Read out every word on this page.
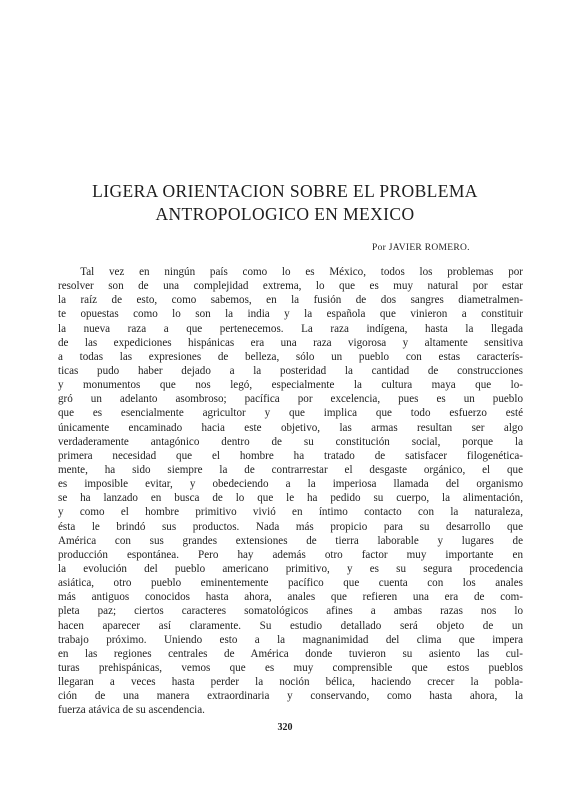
LIGERA ORIENTACION SOBRE EL PROBLEMA
ANTROPOLOGICO EN MEXICO
Por JAVIER ROMERO.
  Tal vez en ningún país como lo es México, todos los problemas por
resolver son de una complejidad extrema, lo que es muy natural por estar
la raíz de esto, como sabemos, en la fusión de dos sangres diametralmen-
te opuestas como lo son la india y la española que vinieron a constituir
la nueva raza a que pertenecemos. La raza indígena, hasta la llegada
de las expediciones hispánicas era una raza vigorosa y altamente sensitiva
a todas las expresiones de belleza, sólo un pueblo con estas caracterís-
ticas pudo haber dejado a la posteridad la cantidad de construcciones
y monumentos que nos legó, especialmente la cultura maya que lo-
gró un adelanto asombroso; pacífica por excelencia, pues es un pueblo
que es esencialmente agricultor y que implica que todo esfuerzo esté
únicamente encaminado hacia este objetivo, las armas resultan ser algo
verdaderamente antagónico dentro de su constitución social, porque la
primera necesidad que el hombre ha tratado de satisfacer filogenética-
mente, ha sido siempre la de contrarrestar el desgaste orgánico, el que
es imposible evitar, y obedeciendo a la imperiosa llamada del organismo
se ha lanzado en busca de lo que le ha pedido su cuerpo, la alimentación,
y como el hombre primitivo vivió en íntimo contacto con la naturaleza,
ésta le brindó sus productos. Nada más propicio para su desarrollo que
América con sus grandes extensiones de tierra laborable y lugares de
producción espontánea. Pero hay además otro factor muy importante en
la evolución del pueblo americano primitivo, y es su segura procedencia
asiática, otro pueblo eminentemente pacífico que cuenta con los anales
más antiguos conocidos hasta ahora, anales que refieren una era de com-
pleta paz; ciertos caracteres somatológicos afines a ambas razas nos lo
hacen aparecer así claramente. Su estudio detallado será objeto de un
trabajo próximo. Uniendo esto a la magnanimidad del clima que impera
en las regiones centrales de América donde tuvieron su asiento las cul-
turas prehispánicas, vemos que es muy comprensible que estos pueblos
llegaran a veces hasta perder la noción bélica, haciendo crecer la pobla-
ción de una manera extraordinaria y conservando, como hasta ahora, la
fuerza atávica de su ascendencia.
320
